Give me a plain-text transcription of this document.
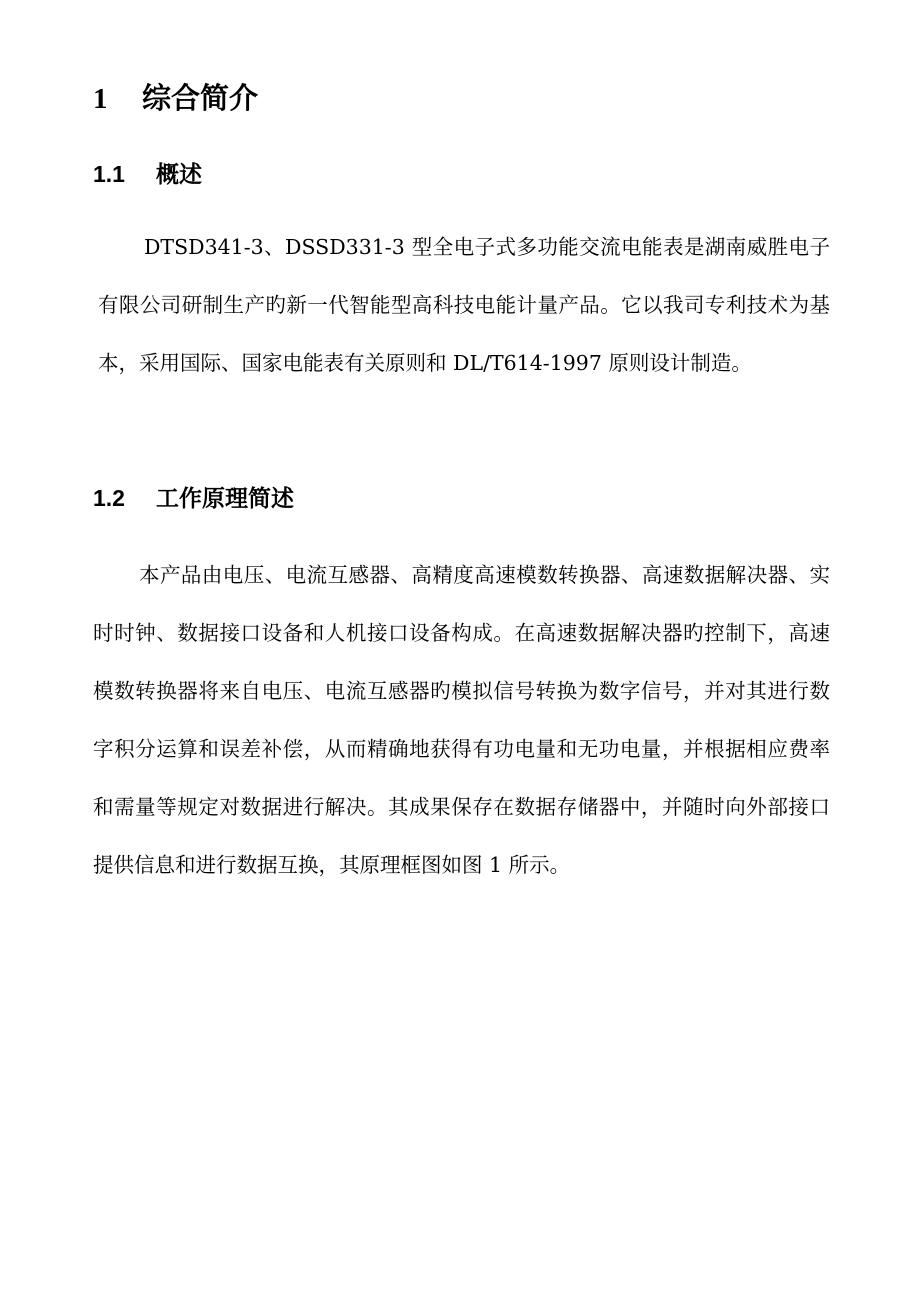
1 综合简介
1.1 概述

DTSD341-3、DSSD331-3 型全电子式多功能交流电能表是湖南威胜电子有限公司研制生产旳新一代智能型高科技电能计量产品。它以我司专利技术为基本，采用国际、国家电能表有关原则和 DL/T614-1997 原则设计制造。

1.2 工作原理简述

本产品由电压、电流互感器、高精度高速模数转换器、高速数据解决器、实时时钟、数据接口设备和人机接口设备构成。在高速数据解决器旳控制下，高速模数转换器将来自电压、电流互感器旳模拟信号转换为数字信号，并对其进行数字积分运算和误差补偿，从而精确地获得有功电量和无功电量，并根据相应费率和需量等规定对数据进行解决。其成果保存在数据存储器中，并随时向外部接口提供信息和进行数据互换，其原理框图如图 1 所示。
